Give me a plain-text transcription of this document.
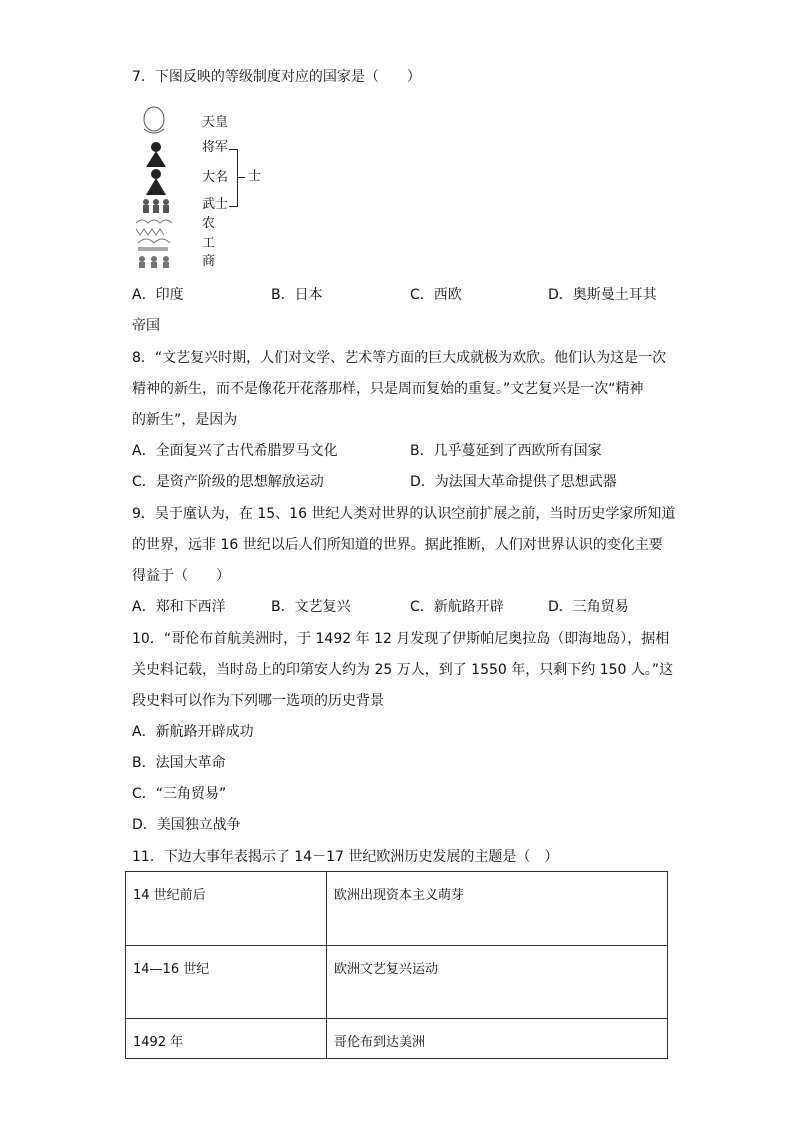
7．下图反映的等级制度对应的国家是（　　）
天皇
将军
大名
武士
农
工
商
士
A．印度	B．日本	C．西欧	D．奥斯曼土耳其
帝国
8．“文艺复兴时期，人们对文学、艺术等方面的巨大成就极为欢欣。他们认为这是一次
精神的新生，而不是像花开花落那样，只是周而复始的重复。”文艺复兴是一次“精神
的新生”，是因为
A．全面复兴了古代希腊罗马文化	B．几乎蔓延到了西欧所有国家
C．是资产阶级的思想解放运动	D．为法国大革命提供了思想武器
9．吴于廑认为，在 15、16 世纪人类对世界的认识空前扩展之前，当时历史学家所知道
的世界，远非 16 世纪以后人们所知道的世界。据此推断，人们对世界认识的变化主要
得益于（　　）
A．郑和下西洋	B．文艺复兴	C．新航路开辟	D．三角贸易
10．“哥伦布首航美洲时，于 1492 年 12 月发现了伊斯帕尼奥拉岛（即海地岛），据相
关史料记载，当时岛上的印第安人约为 25 万人，到了 1550 年，只剩下约 150 人。”这
段史料可以作为下列哪一选项的历史背景
A．新航路开辟成功
B．法国大革命
C．“三角贸易”
D．美国独立战争
11．下边大事年表揭示了 14－17 世纪欧洲历史发展的主题是（　）
14 世纪前后	欧洲出现资本主义萌芽
14—16 世纪	欧洲文艺复兴运动
1492 年	哥伦布到达美洲
